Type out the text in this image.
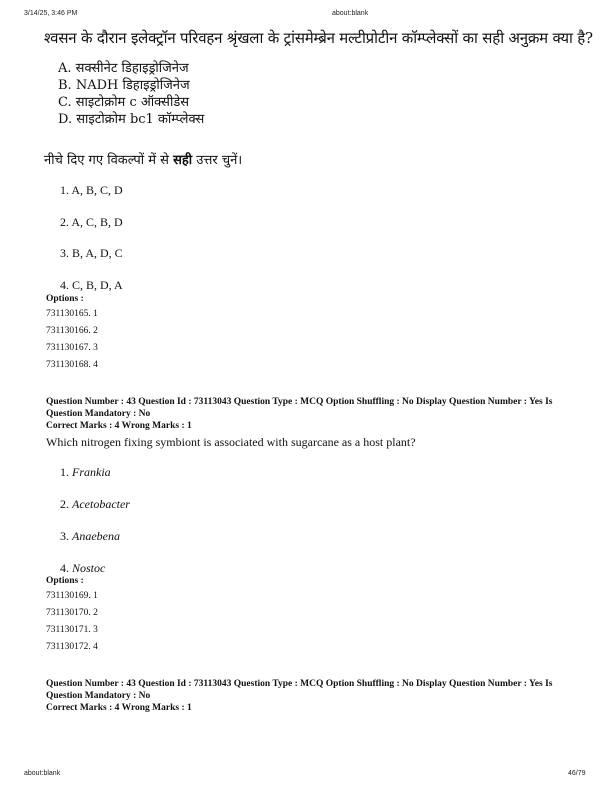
3/14/25, 3:46 PM	about:blank
श्वसन के दौरान इलेक्ट्रॉन परिवहन श्रृंखला के ट्रांसमेम्ब्रेन मल्टीप्रोटीन कॉम्प्लेक्सों का सही अनुक्रम क्या है?
A. सक्सीनेट डिहाइड्रोजिनेज
B. NADH डिहाइड्रोजिनेज
C. साइटोक्रोम c ऑक्सीडेस
D. साइटोक्रोम bc1 कॉम्प्लेक्स
नीचे दिए गए विकल्पों में से सही उत्तर चुनें।
1. A, B, C, D
2. A, C, B, D
3. B, A, D, C
4. C, B, D, A
Options :
731130165. 1
731130166. 2
731130167. 3
731130168. 4
Question Number : 43 Question Id : 73113043 Question Type : MCQ Option Shuffling : No Display Question Number : Yes Is Question Mandatory : No
Correct Marks : 4 Wrong Marks : 1
Which nitrogen fixing symbiont is associated with sugarcane as a host plant?
1. Frankia
2. Acetobacter
3. Anaebena
4. Nostoc
Options :
731130169. 1
731130170. 2
731130171. 3
731130172. 4
Question Number : 43 Question Id : 73113043 Question Type : MCQ Option Shuffling : No Display Question Number : Yes Is Question Mandatory : No
Correct Marks : 4 Wrong Marks : 1
about:blank	46/79
